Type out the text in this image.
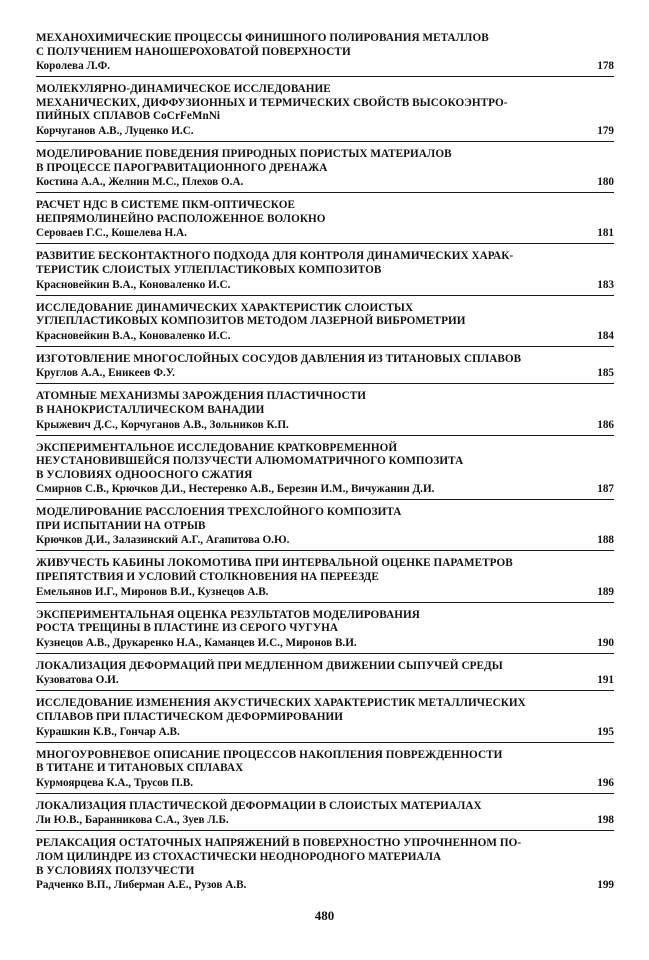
МЕХАНОХИМИЧЕСКИЕ ПРОЦЕССЫ ФИНИШНОГО ПОЛИРОВАНИЯ МЕТАЛЛОВ
С ПОЛУЧЕНИЕМ НАНОШЕРОХОВАТОЙ ПОВЕРХНОСТИ
Королева Л.Ф.	178
МОЛЕКУЛЯРНО-ДИНАМИЧЕСКОЕ ИССЛЕДОВАНИЕ
МЕХАНИЧЕСКИХ, ДИФФУЗИОННЫХ И ТЕРМИЧЕСКИХ СВОЙСТВ ВЫСОКОЭНТРО-
ПИЙНЫХ СПЛАВОВ CoCrFeMnNi
Корчуганов А.В., Луценко И.С.	179
МОДЕЛИРОВАНИЕ ПОВЕДЕНИЯ ПРИРОДНЫХ ПОРИСТЫХ МАТЕРИАЛОВ
В ПРОЦЕССЕ ПАРОГРАВИТАЦИОННОГО ДРЕНАЖА
Костина А.А., Желнин М.С., Плехов О.А.	180
РАСЧЕТ НДС В СИСТЕМЕ ПКМ-ОПТИЧЕСКОЕ
НЕПРЯМОЛИНЕЙНО РАСПОЛОЖЕННОЕ ВОЛОКНО
Сероваев Г.С., Кошелева Н.А.	181
РАЗВИТИЕ БЕСКОНТАКТНОГО ПОДХОДА ДЛЯ КОНТРОЛЯ ДИНАМИЧЕСКИХ ХАРАК-
ТЕРИСТИК СЛОИСТЫХ УГЛЕПЛАСТИКОВЫХ КОМПОЗИТОВ
Красновейкин В.А., Коноваленко И.С.	183
ИССЛЕДОВАНИЕ ДИНАМИЧЕСКИХ ХАРАКТЕРИСТИК СЛОИСТЫХ
УГЛЕПЛАСТИКОВЫХ КОМПОЗИТОВ МЕТОДОМ ЛАЗЕРНОЙ ВИБРОМЕТРИИ
Красновейкин В.А., Коноваленко И.С.	184
ИЗГОТОВЛЕНИЕ МНОГОСЛОЙНЫХ СОСУДОВ ДАВЛЕНИЯ ИЗ ТИТАНОВЫХ СПЛАВОВ
Круглов А.А., Еникеев Ф.У.	185
АТОМНЫЕ МЕХАНИЗМЫ ЗАРОЖДЕНИЯ ПЛАСТИЧНОСТИ
В НАНОКРИСТАЛЛИЧЕСКОМ ВАНАДИИ
Крыжевич Д.С., Корчуганов А.В., Зольников К.П.	186
ЭКСПЕРИМЕНТАЛЬНОЕ ИССЛЕДОВАНИЕ КРАТКОВРЕМЕННОЙ
НЕУСТАНОВИВШЕЙСЯ ПОЛЗУЧЕСТИ АЛЮМОМАТРИЧНОГО КОМПОЗИТА
В УСЛОВИЯХ ОДНООСНОГО СЖАТИЯ
Смирнов С.В., Крючков Д.И., Нестеренко А.В., Березин И.М., Вичужанин Д.И.	187
МОДЕЛИРОВАНИЕ РАССЛОЕНИЯ ТРЕХСЛОЙНОГО КОМПОЗИТА
ПРИ ИСПЫТАНИИ НА ОТРЫВ
Крючков Д.И., Залазинский А.Г., Агапитова О.Ю.	188
ЖИВУЧЕСТЬ КАБИНЫ ЛОКОМОТИВА ПРИ ИНТЕРВАЛЬНОЙ ОЦЕНКЕ ПАРАМЕТРОВ
ПРЕПЯТСТВИЯ И УСЛОВИЙ СТОЛКНОВЕНИЯ НА ПЕРЕЕЗДЕ
Емельянов И.Г., Миронов В.И., Кузнецов А.В.	189
ЭКСПЕРИМЕНТАЛЬНАЯ ОЦЕНКА РЕЗУЛЬТАТОВ МОДЕЛИРОВАНИЯ
РОСТА ТРЕЩИНЫ В ПЛАСТИНЕ ИЗ СЕРОГО ЧУГУНА
Кузнецов А.В., Друкаренко Н.А., Каманцев И.С., Миронов В.И.	190
ЛОКАЛИЗАЦИЯ ДЕФОРМАЦИЙ ПРИ МЕДЛЕННОМ ДВИЖЕНИИ СЫПУЧЕЙ СРЕДЫ
Кузоватова О.И.	191
ИССЛЕДОВАНИЕ ИЗМЕНЕНИЯ АКУСТИЧЕСКИХ ХАРАКТЕРИСТИК МЕТАЛЛИЧЕСКИХ
СПЛАВОВ ПРИ ПЛАСТИЧЕСКОМ ДЕФОРМИРОВАНИИ
Курашкин К.В., Гончар А.В.	195
МНОГОУРОВНЕВОЕ ОПИСАНИЕ ПРОЦЕССОВ НАКОПЛЕНИЯ ПОВРЕЖДЕННОСТИ
В ТИТАНЕ И ТИТАНОВЫХ СПЛАВАХ
Курмоярцева К.А., Трусов П.В.	196
ЛОКАЛИЗАЦИЯ ПЛАСТИЧЕСКОЙ ДЕФОРМАЦИИ В СЛОИСТЫХ МАТЕРИАЛАХ
Ли Ю.В., Баранникова С.А., Зуев Л.Б.	198
РЕЛАКСАЦИЯ ОСТАТОЧНЫХ НАПРЯЖЕНИЙ В ПОВЕРХНОСТНО УПРОЧНЕННОМ ПО-
ЛОМ ЦИЛИНДРЕ ИЗ СТОХАСТИЧЕСКИ НЕОДНОРОДНОГО МАТЕРИАЛА
В УСЛОВИЯХ ПОЛЗУЧЕСТИ
Радченко В.П., Либерман А.Е., Рузов А.В.	199
480
